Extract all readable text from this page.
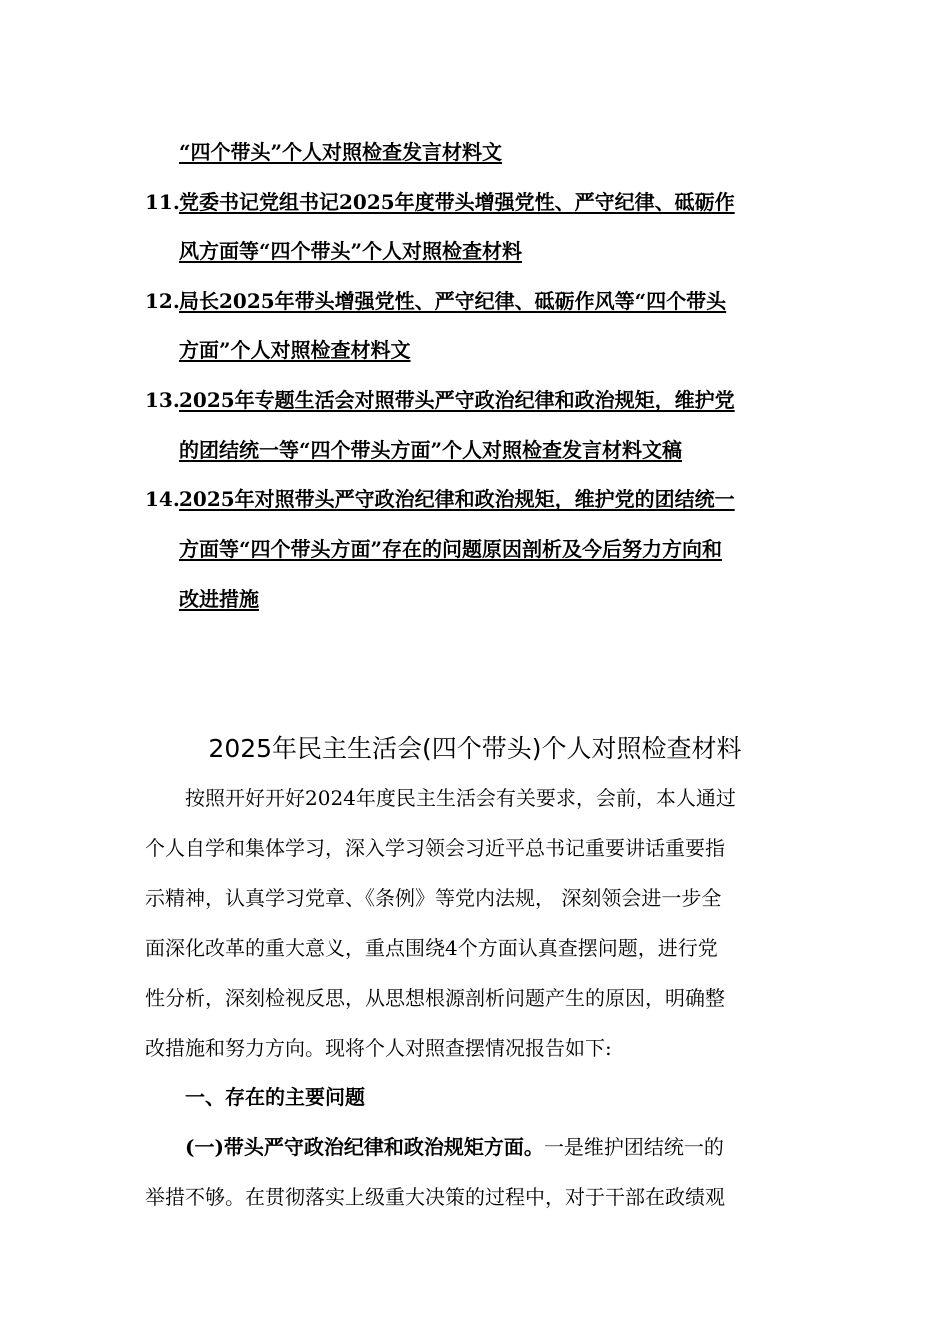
“四个带头”个人对照检查发言材料文
11. 党委书记党组书记2025年度带头增强党性、严守纪律、砥砺作
风方面等“四个带头”个人对照检查材料
12. 局长2025年带头增强党性、严守纪律、砥砺作风等“四个带头
方面”个人对照检查材料文
13. 2025年专题生活会对照带头严守政治纪律和政治规矩，维护党
的团结统一等“四个带头方面”个人对照检查发言材料文稿
14. 2025年对照带头严守政治纪律和政治规矩，维护党的团结统一
方面等“四个带头方面”存在的问题原因剖析及今后努力方向和
改进措施
2025年民主生活会(四个带头)个人对照检查材料
按照开好开好2024年度民主生活会有关要求，会前，本人通过
个人自学和集体学习，深入学习领会习近平总书记重要讲话重要指
示精神，认真学习党章、《条例》等党内法规， 深刻领会进一步全
面深化改革的重大意义，重点围绕4个方面认真查摆问题，进行党
性分析，深刻检视反思，从思想根源剖析问题产生的原因，明确整
改措施和努力方向。现将个人对照查摆情况报告如下:
一、存在的主要问题
(一)带头严守政治纪律和政治规矩方面。一是维护团结统一的
举措不够。在贯彻落实上级重大决策的过程中，对于干部在政绩观
